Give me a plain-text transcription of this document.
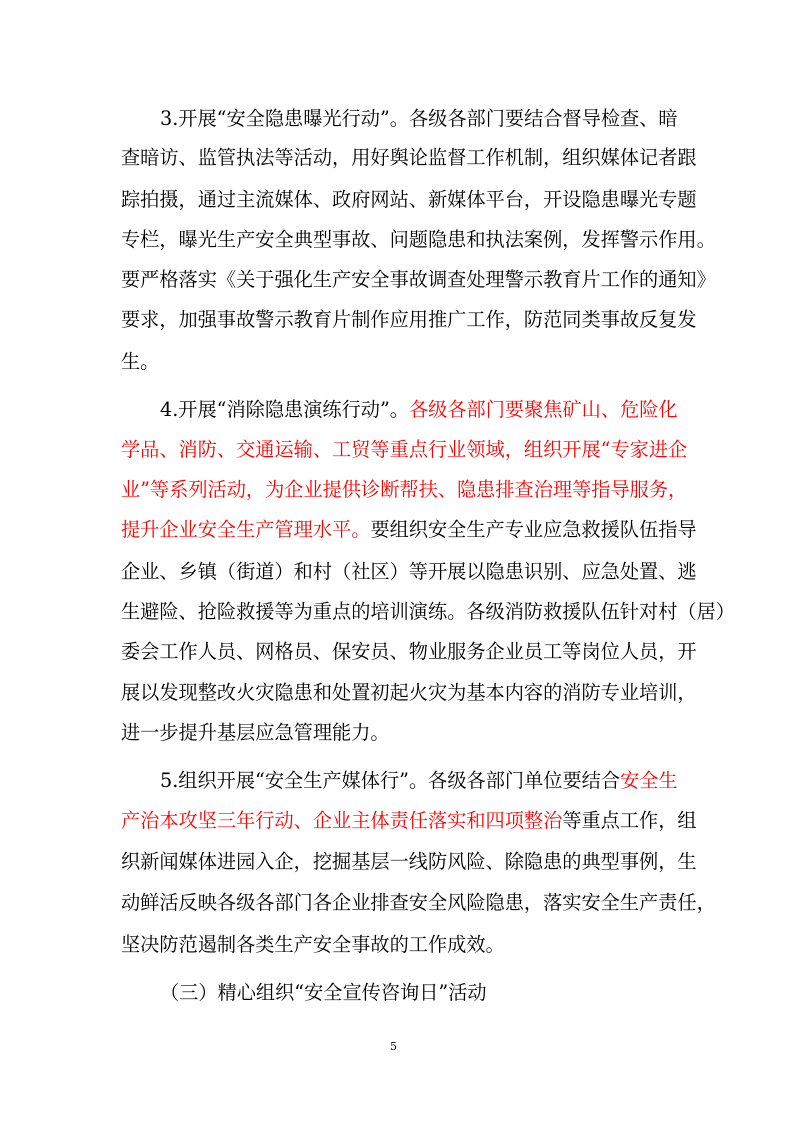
3.开展“安全隐患曝光行动”。各级各部门要结合督导检查、暗
查暗访、监管执法等活动，用好舆论监督工作机制，组织媒体记者跟
踪拍摄，通过主流媒体、政府网站、新媒体平台，开设隐患曝光专题
专栏，曝光生产安全典型事故、问题隐患和执法案例，发挥警示作用。
要严格落实《关于强化生产安全事故调查处理警示教育片工作的通知》
要求，加强事故警示教育片制作应用推广工作，防范同类事故反复发
生。
4.开展“消除隐患演练行动”。各级各部门要聚焦矿山、危险化
学品、消防、交通运输、工贸等重点行业领域，组织开展“专家进企
业”等系列活动，为企业提供诊断帮扶、隐患排查治理等指导服务，
提升企业安全生产管理水平。要组织安全生产专业应急救援队伍指导
企业、乡镇（街道）和村（社区）等开展以隐患识别、应急处置、逃
生避险、抢险救援等为重点的培训演练。各级消防救援队伍针对村（居）
委会工作人员、网格员、保安员、物业服务企业员工等岗位人员，开
展以发现整改火灾隐患和处置初起火灾为基本内容的消防专业培训，
进一步提升基层应急管理能力。
5.组织开展“安全生产媒体行”。各级各部门单位要结合安全生
产治本攻坚三年行动、企业主体责任落实和四项整治等重点工作，组
织新闻媒体进园入企，挖掘基层一线防风险、除隐患的典型事例，生
动鲜活反映各级各部门各企业排查安全风险隐患，落实安全生产责任，
坚决防范遏制各类生产安全事故的工作成效。
（三）精心组织“安全宣传咨询日”活动
5
